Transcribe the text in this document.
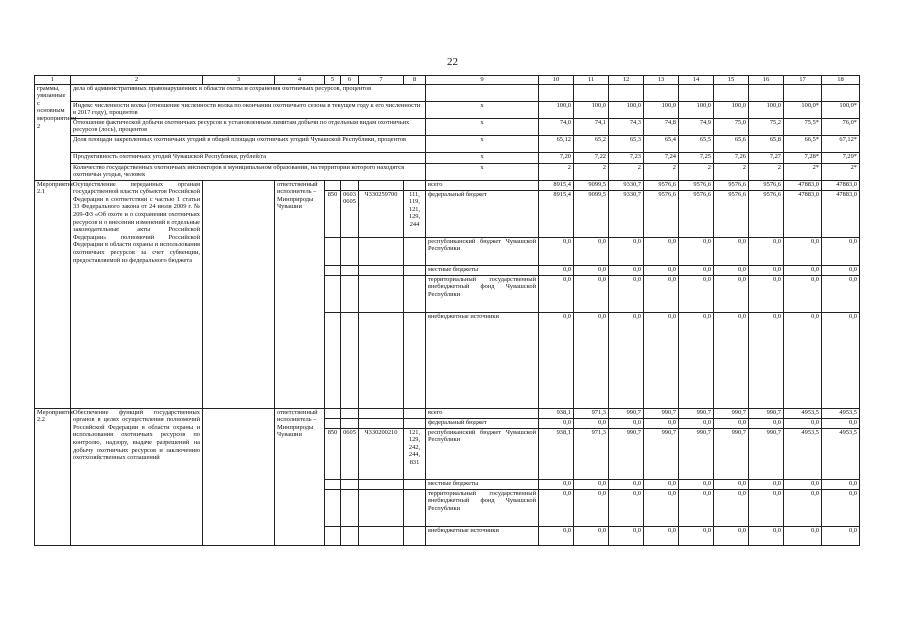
22
1	2	3	4	5	6	7	8	9	10	11	12	13	14	15	16	17	18
граммы, увязанные с основным мероприятием 2	дела об административных правонарушениях в области охоты и сохранения охотничьих ресурсов, процентов																
	Индекс численности волка (отношение численности волка по окончании охотничьего сезона в текущем году к его численности в 2017 году), процентов							х	100,0	100,0	100,0	100,0	100,0	100,0	100,0	100,0*	100,0*
	Отношение фактической добычи охотничьих ресурсов к установленным лимитам добычи по отдельным видам охотничьих ресурсов (лось), процентов							х	74,0	74,1	74,3	74,8	74,9	75,0	75,2	75,5*	76,0*
	Доля площади закрепленных охотничьих угодий в общей площади охотничьих угодий Чувашской Республики, процентов							х	65,12	65,2	65,3	65,4	65,5	65,6	65,8	66,5*	67,12*
	Продуктивность охотничьих угодий Чувашской Республики, рублей/га							х	7,20	7,22	7,23	7,24	7,25	7,26	7,27	7,28*	7,29*
	Количество государственных охотничьих инспекторов в муниципальном образовании, на территории которого находятся охотничьи угодья, человек							х	2	2	2	2	2	2	2	2*	2*
Мероприятие 2.1	Осуществление переданных органам государственной власти субъектов Российской Федерации в соответствии с частью 1 статьи 33 Федерального закона от 24 июля 2009 г. № 209-ФЗ «Об охоте и о сохранении охотничьих ресурсов и о внесении изменений в отдельные законодательные акты Российской Федерации» полномочий Российской Федерации в области охраны и использования охотничьих ресурсов за счет субвенции, предоставляемой из федерального бюджета		ответственный исполнитель – Минприроды Чувашии					всего	8915,4	9099,5	9330,7	9576,6	9576,6	9576,6	9576,6	47883,0	47883,0
				850	0603 0605	Ч330259700	111, 119, 121, 129, 244	федеральный бюджет	8915,4	9099,5	9330,7	9576,6	9576,6	9576,6	9576,6	47883,0	47883,0
								республиканский бюджет Чувашской Республики	0,0	0,0	0,0	0,0	0,0	0,0	0,0	0,0	0,0
								местные бюджеты	0,0	0,0	0,0	0,0	0,0	0,0	0,0	0,0	0,0
								территориальный государственный внебюджетный фонд Чувашской Республики	0,0	0,0	0,0	0,0	0,0	0,0	0,0	0,0	0,0
								внебюджетные источники	0,0	0,0	0,0	0,0	0,0	0,0	0,0	0,0	0,0
Мероприятие 2.2	Обеспечение функций государственных органов в целях осуществления полномочий Российской Федерации в области охраны и использования охотничьих ресурсов по контролю, надзору, выдаче разрешений на добычу охотничьих ресурсов и заключению охотхозяйственных соглашений		ответственный исполнитель – Минприроды Чувашии					всего	938,1	971,3	990,7	990,7	990,7	990,7	990,7	4953,5	4953,5
								федеральный бюджет	0,0	0,0	0,0	0,0	0,0	0,0	0,0	0,0	0,0
				850	0605	Ч330200210	121, 129, 242, 244, 831	республиканский бюджет Чувашской Республики	938,1	971,3	990,7	990,7	990,7	990,7	990,7	4953,5	4953,5
								местные бюджеты	0,0	0,0	0,0	0,0	0,0	0,0	0,0	0,0	0,0
								территориальный государственный внебюджетный фонд Чувашской Республики	0,0	0,0	0,0	0,0	0,0	0,0	0,0	0,0	0,0
								внебюджетные источники	0,0	0,0	0,0	0,0	0,0	0,0	0,0	0,0	0,0
